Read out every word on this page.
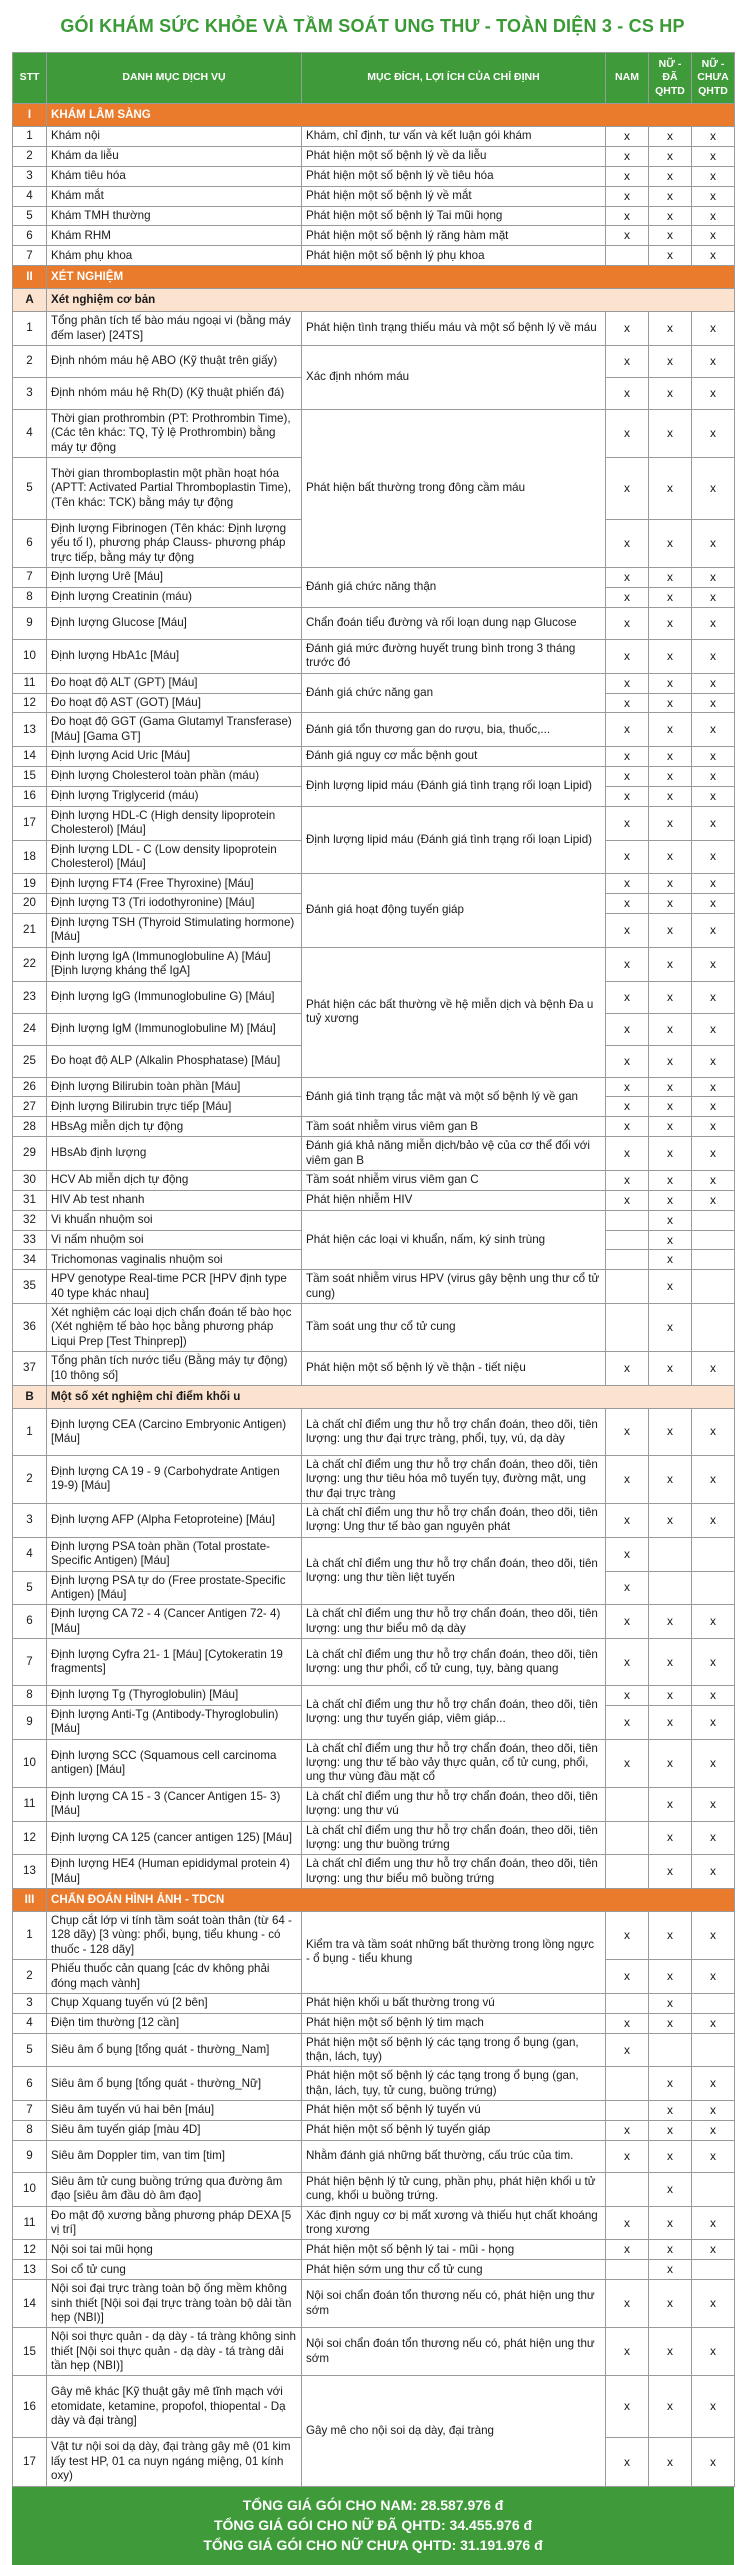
GÓI KHÁM SỨC KHỎE VÀ TẦM SOÁT UNG THƯ - TOÀN DIỆN 3 - CS HP
STT	DANH MỤC DỊCH VỤ	MỤC ĐÍCH, LỢI ÍCH CỦA CHỈ ĐỊNH	NAM	NỮ - ĐÃ QHTD	NỮ - CHƯA QHTD
I	KHÁM LÂM SÀNG				
1	Khám nội	Khám, chỉ định, tư vấn và kết luận gói khám	x	x	x
2	Khám da liễu	Phát hiện một số bệnh lý về da liễu	x	x	x
3	Khám tiêu hóa	Phát hiện một số bệnh lý về tiêu hóa	x	x	x
4	Khám mắt	Phát hiện một số bệnh lý về mắt	x	x	x
5	Khám TMH thường	Phát hiện một số bệnh lý Tai mũi họng	x	x	x
6	Khám RHM	Phát hiện một số bệnh lý răng hàm mặt	x	x	x
7	Khám phụ khoa	Phát hiện một số bệnh lý phụ khoa		x	x
II	XÉT NGHIỆM				
A	Xét nghiệm cơ bản				
1	Tổng phân tích tế bào máu ngoại vi (bằng máy đếm laser) [24TS]	Phát hiện tình trạng thiếu máu và một số bệnh lý về máu	x	x	x
2	Định nhóm máu hệ ABO (Kỹ thuật trên giấy)	Xác định nhóm máu	x	x	x
3	Định nhóm máu hệ Rh(D) (Kỹ thuật phiến đá)		x	x	x
4	Thời gian prothrombin (PT: Prothrombin Time), (Các tên khác: TQ, Tỷ lệ Prothrombin) bằng máy tự động	Phát hiện bất thường trong đông cầm máu	x	x	x
5	Thời gian thromboplastin một phần hoạt hóa (APTT: Activated Partial Thromboplastin Time), (Tên khác: TCK) bằng máy tự động		x	x	x
6	Định lượng Fibrinogen (Tên khác: Định lượng yếu tố I), phương pháp Clauss- phương pháp trực tiếp, bằng máy tự động		x	x	x
7	Định lượng Urê [Máu]	Đánh giá chức năng thận	x	x	x
8	Định lượng Creatinin (máu)		x	x	x
9	Định lượng Glucose [Máu]	Chẩn đoán tiểu đường và rối loạn dung nạp Glucose	x	x	x
10	Định lượng HbA1c [Máu]	Đánh giá mức đường huyết trung bình trong 3 tháng trước đó	x	x	x
11	Đo hoạt độ ALT (GPT) [Máu]	Đánh giá chức năng gan	x	x	x
12	Đo hoạt độ AST (GOT) [Máu]		x	x	x
13	Đo hoạt độ GGT (Gama Glutamyl Transferase) [Máu] [Gama GT]	Đánh giá tổn thương gan do rượu, bia, thuốc,...	x	x	x
14	Định lượng Acid Uric [Máu]	Đánh giá nguy cơ mắc bệnh gout	x	x	x
15	Định lượng Cholesterol toàn phần (máu)	Định lượng lipid máu (Đánh giá tình trạng rối loạn Lipid)	x	x	x
16	Định lượng Triglycerid (máu)		x	x	x
17	Định lượng HDL-C (High density lipoprotein Cholesterol) [Máu]	Định lượng lipid máu (Đánh giá tình trạng rối loạn Lipid)	x	x	x
18	Định lượng LDL - C (Low density lipoprotein Cholesterol) [Máu]		x	x	x
19	Định lượng FT4 (Free Thyroxine) [Máu]	Đánh giá hoạt động tuyến giáp	x	x	x
20	Định lượng T3 (Tri iodothyronine) [Máu]		x	x	x
21	Định lượng TSH (Thyroid Stimulating hormone) [Máu]		x	x	x
22	Định lượng IgA (Immunoglobuline A) [Máu] [Định lượng kháng thể IgA]	Phát hiện các bất thường về hệ miễn dịch và bệnh Đa u tuỷ xương	x	x	x
23	Định lượng IgG (Immunoglobuline G) [Máu]		x	x	x
24	Định lượng IgM (Immunoglobuline M) [Máu]		x	x	x
25	Đo hoạt độ ALP (Alkalin Phosphatase) [Máu]		x	x	x
26	Định lượng Bilirubin toàn phần [Máu]	Đánh giá tình trạng tắc mật và một số bệnh lý về gan	x	x	x
27	Định lượng Bilirubin trực tiếp [Máu]		x	x	x
28	HBsAg miễn dịch tự động	Tầm soát nhiễm virus viêm gan B	x	x	x
29	HBsAb định lượng	Đánh giá khả năng miễn dịch/bảo vệ của cơ thể đối với viêm gan B	x	x	x
30	HCV Ab miễn dịch tự động	Tầm soát nhiễm virus viêm gan C	x	x	x
31	HIV Ab test nhanh	Phát hiện nhiễm HIV	x	x	x
32	Vi khuẩn nhuộm soi	Phát hiện các loại vi khuẩn, nấm, ký sinh trùng		x	
33	Vi nấm nhuộm soi			x	
34	Trichomonas vaginalis nhuộm soi			x	
35	HPV genotype Real-time PCR [HPV định type 40 type khác nhau]	Tầm soát nhiễm virus HPV (virus gây bệnh ung thư cổ tử cung)		x	
36	Xét nghiệm các loại dịch chẩn đoán tế bào học (Xét nghiệm tế bào học bằng phương pháp Liqui Prep [Test Thinprep])	Tầm soát ung thư cổ tử cung		x	
37	Tổng phân tích nước tiểu (Bằng máy tự động) [10 thông số]	Phát hiện một số bệnh lý về thận - tiết niệu	x	x	x
B	Một số xét nghiệm chỉ điểm khối u				
1	Định lượng CEA (Carcino Embryonic Antigen) [Máu]	Là chất chỉ điểm ung thư hỗ trợ chẩn đoán, theo dõi, tiên lượng: ung thư đại trực tràng, phổi, tụy, vú, dạ dày	x	x	x
2	Định lượng CA 19 - 9 (Carbohydrate Antigen 19-9) [Máu]	Là chất chỉ điểm ung thư hỗ trợ chẩn đoán, theo dõi, tiên lượng: ung thư tiêu hóa mô tuyến tụy, đường mật, ung thư đại trực tràng	x	x	x
3	Định lượng AFP (Alpha Fetoproteine) [Máu]	Là chất chỉ điểm ung thư hỗ trợ chẩn đoán, theo dõi, tiên lượng: Ung thư tế bào gan nguyên phát	x	x	x
4	Định lượng PSA toàn phần (Total prostate-Specific Antigen) [Máu]	Là chất chỉ điểm ung thư hỗ trợ chẩn đoán, theo dõi, tiên lượng: ung thư tiền liệt tuyến	x		
5	Định lượng PSA tự do (Free prostate-Specific Antigen) [Máu]		x		
6	Định lượng CA 72 - 4 (Cancer Antigen 72- 4) [Máu]	Là chất chỉ điểm ung thư hỗ trợ chẩn đoán, theo dõi, tiên lượng: ung thư biểu mô dạ dày	x	x	x
7	Định lượng Cyfra 21- 1 [Máu] [Cytokeratin 19 fragments]	Là chất chỉ điểm ung thư hỗ trợ chẩn đoán, theo dõi, tiên lượng: ung thư phổi, cổ tử cung, tụy, bàng quang	x	x	x
8	Định lượng Tg (Thyroglobulin) [Máu]	Là chất chỉ điểm ung thư hỗ trợ chẩn đoán, theo dõi, tiên lượng: ung thư tuyến giáp, viêm giáp...	x	x	x
9	Định lượng Anti-Tg (Antibody-Thyroglobulin) [Máu]		x	x	x
10	Định lượng SCC (Squamous cell carcinoma antigen) [Máu]	Là chất chỉ điểm ung thư hỗ trợ chẩn đoán, theo dõi, tiên lượng: ung thư tế bào vảy thực quản, cổ tử cung, phổi, ung thư vùng đầu mặt cổ	x	x	x
11	Định lượng CA 15 - 3 (Cancer Antigen 15- 3) [Máu]	Là chất chỉ điểm ung thư hỗ trợ chẩn đoán, theo dõi, tiên lượng: ung thư vú		x	x
12	Định lượng CA 125 (cancer antigen 125) [Máu]	Là chất chỉ điểm ung thư hỗ trợ chẩn đoán, theo dõi, tiên lượng: ung thư buồng trứng		x	x
13	Định lượng HE4 (Human epididymal protein 4) [Máu]	Là chất chỉ điểm ung thư hỗ trợ chẩn đoán, theo dõi, tiên lượng: ung thư biểu mô buồng trứng		x	x
III	CHẨN ĐOÁN HÌNH ẢNH - TDCN				
1	Chụp cắt lớp vi tính tầm soát toàn thân (từ 64 - 128 dãy) [3 vùng: phổi, bụng, tiểu khung - có thuốc - 128 dãy]	Kiểm tra và tầm soát những bất thường trong lồng ngực - ổ bụng - tiểu khung	x	x	x
2	Phiếu thuốc cản quang [các dv không phải đóng mạch vành]		x	x	x
3	Chụp Xquang tuyến vú [2 bên]	Phát hiện khối u bất thường trong vú		x	
4	Điện tim thường [12 cần]	Phát hiện một số bệnh lý tim mạch	x	x	x
5	Siêu âm ổ bụng [tổng quát - thường_Nam]	Phát hiện một số bệnh lý các tạng trong ổ bụng (gan, thận, lách, tụy)	x		
6	Siêu âm ổ bụng [tổng quát - thường_Nữ]	Phát hiện một số bệnh lý các tạng trong ổ bụng (gan, thận, lách, tụy, tử cung, buồng trứng)		x	x
7	Siêu âm tuyến vú hai bên [máu]	Phát hiện một số bệnh lý tuyến vú		x	x
8	Siêu âm tuyến giáp [màu 4D]	Phát hiện một số bệnh lý tuyến giáp	x	x	x
9	Siêu âm Doppler tim, van tim [tim]	Nhằm đánh giá những bất thường, cấu trúc của tim.	x	x	x
10	Siêu âm tử cung buồng trứng qua đường âm đạo [siêu âm đầu dò âm đạo]	Phát hiện bệnh lý tử cung, phần phụ, phát hiện khối u tử cung, khối u buồng trứng.		x	
11	Đo mật độ xương bằng phương pháp DEXA [5 vị trí]	Xác định nguy cơ bị mất xương và thiếu hụt chất khoáng trong xương	x	x	x
12	Nội soi tai mũi họng	Phát hiện một số bệnh lý tai - mũi - họng	x	x	x
13	Soi cổ tử cung	Phát hiện sớm ung thư cổ tử cung		x	
14	Nội soi đại trực tràng toàn bộ ống mềm không sinh thiết [Nội soi đại trực tràng toàn bộ dải tần hẹp (NBI)]	Nội soi chẩn đoán tổn thương nếu có, phát hiện ung thư sớm	x	x	x
15	Nội soi thực quản - dạ dày - tá tràng không sinh thiết [Nội soi thực quản - dạ dày - tá tràng dải tần hẹp (NBI)]	Nội soi chẩn đoán tổn thương nếu có, phát hiện ung thư sớm	x	x	x
16	Gây mê khác [Kỹ thuật gây mê tĩnh mạch với etomidate, ketamine, propofol, thiopental - Dạ dày và đại tràng]	Gây mê cho nội soi dạ dày, đại tràng	x	x	x
17	Vật tư nội soi dạ dày, đại tràng gây mê (01 kim lấy test HP, 01 ca nuyn ngáng miệng, 01 kính oxy)		x	x	x
TỔNG GIÁ GÓI CHO NAM: 28.587.976 đ
TỔNG GIÁ GÓI CHO NỮ ĐÃ QHTD: 34.455.976 đ
TỔNG GIÁ GÓI CHO NỮ CHƯA QHTD: 31.191.976 đ
